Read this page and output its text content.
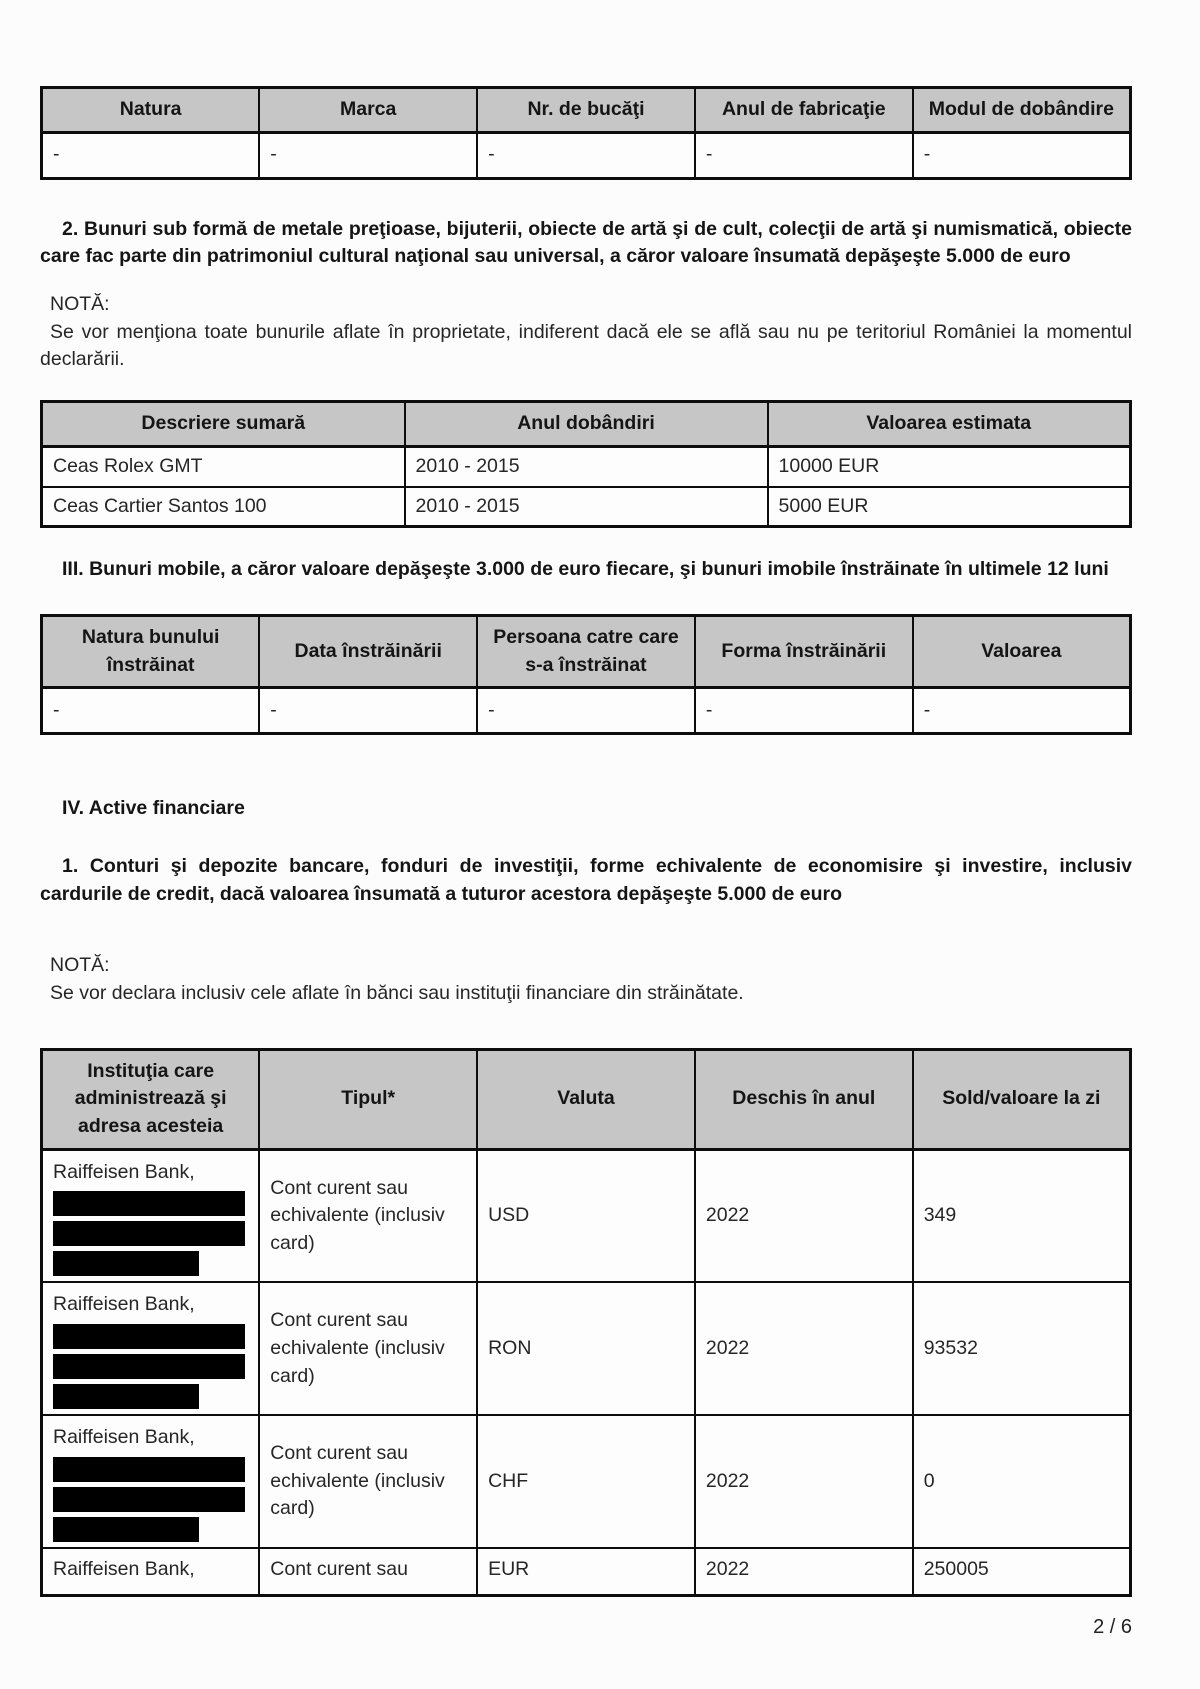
Natura	Marca	Nr. de bucăţi	Anul de fabricaţie	Modul de dobândire
-	-	-	-	-
2. Bunuri sub formă de metale preţioase, bijuterii, obiecte de artă şi de cult, colecţii de artă şi numismatică, obiecte care fac parte din patrimoniul cultural naţional sau universal, a căror valoare însumată depăşeşte 5.000 de euro
NOTĂ:

Se vor menţiona toate bunurile aflate în proprietate, indiferent dacă ele se află sau nu pe teritoriul României la momentul declarării.

Descriere sumară	Anul dobândiri	Valoarea estimata
Ceas Rolex GMT	2010 - 2015	10000 EUR
Ceas Cartier Santos 100	2010 - 2015	5000 EUR
III. Bunuri mobile, a căror valoare depăşeşte 3.000 de euro fiecare, şi bunuri imobile înstrăinate în ultimele 12 luni
Natura bunului înstrăinat	Data înstrăinării	Persoana catre care s-a înstrăinat	Forma înstrăinării	Valoarea
-	-	-	-	-
IV. Active financiare
1. Conturi şi depozite bancare, fonduri de investiţii, forme echivalente de economisire şi investire, inclusiv cardurile de credit, dacă valoarea însumată a tuturor acestora depăşeşte 5.000 de euro
NOTĂ:

Se vor declara inclusiv cele aflate în bănci sau instituţii financiare din străinătate.

Instituţia care administrează şi adresa acesteia	Tipul*	Valuta	Deschis în anul	Sold/valoare la zi

Raiffeisen Bank,	Cont curent sau echivalente (inclusiv card)	USD	2022	349

Raiffeisen Bank,	Cont curent sau echivalente (inclusiv card)	RON	2022	93532

Raiffeisen Bank,	Cont curent sau echivalente (inclusiv card)	CHF	2022	0

Raiffeisen Bank,	Cont curent sau	EUR	2022	250005
2 / 6
